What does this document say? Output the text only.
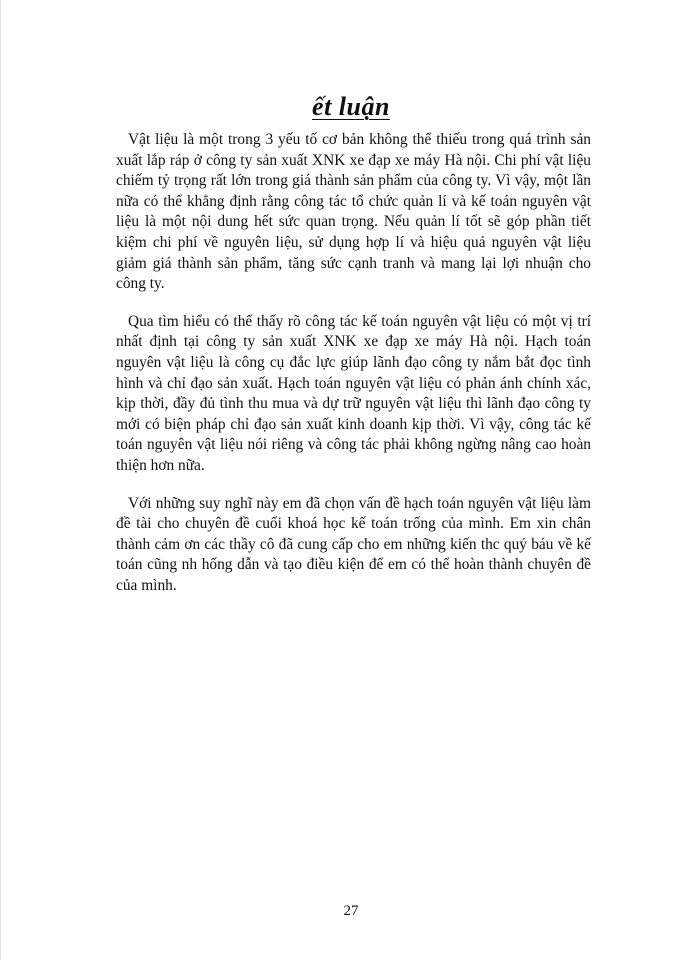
ết luận

Vật liệu là một trong 3 yếu tố cơ bản không thể thiếu trong quá trình sản xuất lắp ráp ở công ty sản xuất XNK xe đạp xe máy Hà nội. Chi phí vật liệu chiếm tỷ trọng rất lớn trong giá thành sản phẩm của công ty. Vì vậy, một lần nữa có thể khẳng định rằng công tác tổ chức quản lí và kế toán nguyên vật liệu là một nội dung hết sức quan trọng. Nếu quản lí tốt sẽ góp phần tiết kiệm chi phí về nguyên liệu, sử dụng hợp lí và hiệu quả nguyên vật liệu giảm giá thành sản phẩm, tăng sức cạnh tranh và mang lại lợi nhuận cho công ty.

Qua tìm hiểu có thể thấy rõ công tác kế toán nguyên vật liệu có một vị trí nhất định tại công ty sản xuất XNK xe đạp xe máy Hà nội. Hạch toán nguyên vật liệu là công cụ đắc lực giúp lãnh đạo công ty nắm bắt đọc tình hình và chỉ đạo sản xuất. Hạch toán nguyên vật liệu có phản ánh chính xác, kịp thời, đầy đủ tình thu mua và dự trữ nguyên vật liệu thì lãnh đạo công ty mới có biện pháp chỉ đạo sản xuất kinh doanh kịp thời. Vì vậy, công tác kế toán nguyên vật liệu nói riêng và công tác phải không ngừng nâng cao hoàn thiện hơn nữa.

Với những suy nghĩ này em đã chọn vấn đề hạch toán nguyên vật liệu làm đề tài cho chuyên đề cuối khoá học kế toán trống của mình. Em xin chân thành cảm ơn các thầy cô đã cung cấp cho em những kiến thc quý báu về kế toán cũng nh hống dẫn và tạo điều kiện để em có thể hoàn thành chuyên đề của mình.

27
